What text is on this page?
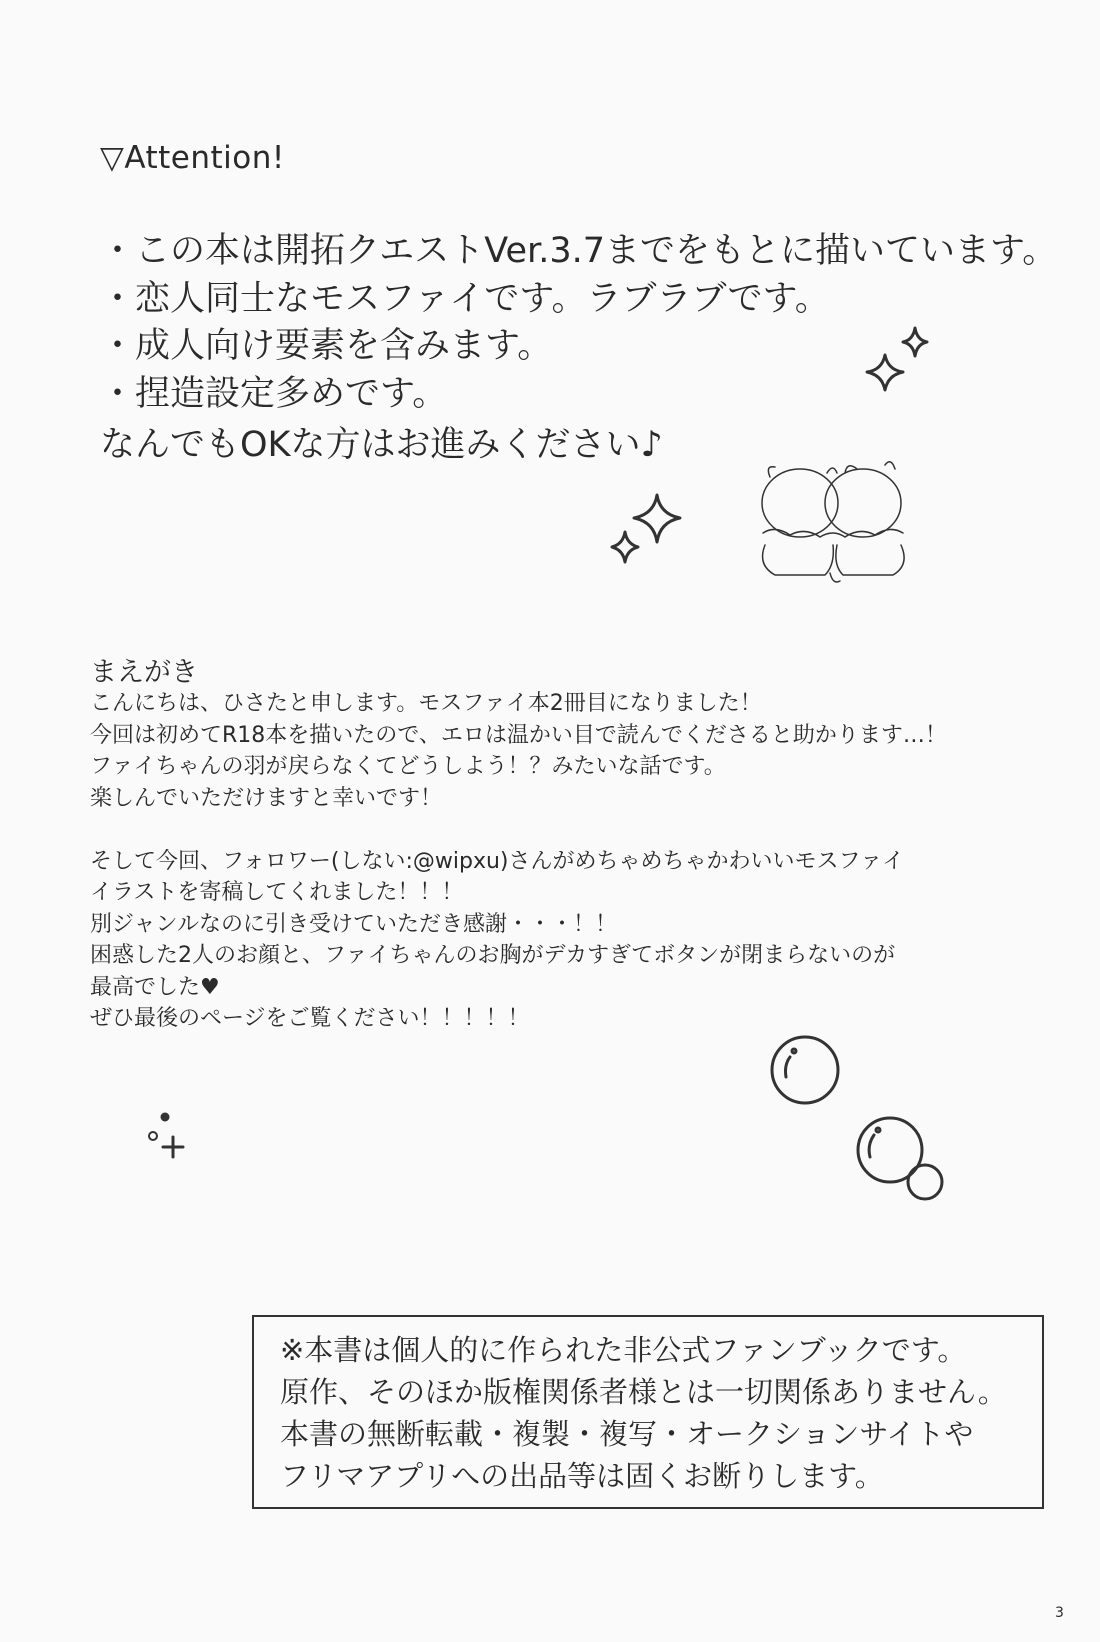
▽Attention!
・この本は開拓クエストVer.3.7までをもとに描いています。
・恋人同士なモスファイです。ラブラブです。
・成人向け要素を含みます。
・捏造設定多めです。
なんでもOKな方はお進みください♪
まえがき
こんにちは、ひさたと申します。モスファイ本2冊目になりました！
今回は初めてR18本を描いたので、エロは温かい目で読んでくださると助かります…！
ファイちゃんの羽が戻らなくてどうしよう！？みたいな話です。
楽しんでいただけますと幸いです！
そして今回、フォロワー(しない:@wipxu)さんがめちゃめちゃかわいいモスファイ
イラストを寄稿してくれました！！！
別ジャンルなのに引き受けていただき感謝・・・！！
困惑した2人のお顔と、ファイちゃんのお胸がデカすぎてボタンが閉まらないのが
最高でした♥
ぜひ最後のページをご覧ください！！！！！
※本書は個人的に作られた非公式ファンブックです。
原作、そのほか版権関係者様とは一切関係ありません。
本書の無断転載・複製・複写・オークションサイトや
フリマアプリへの出品等は固くお断りします。
3
